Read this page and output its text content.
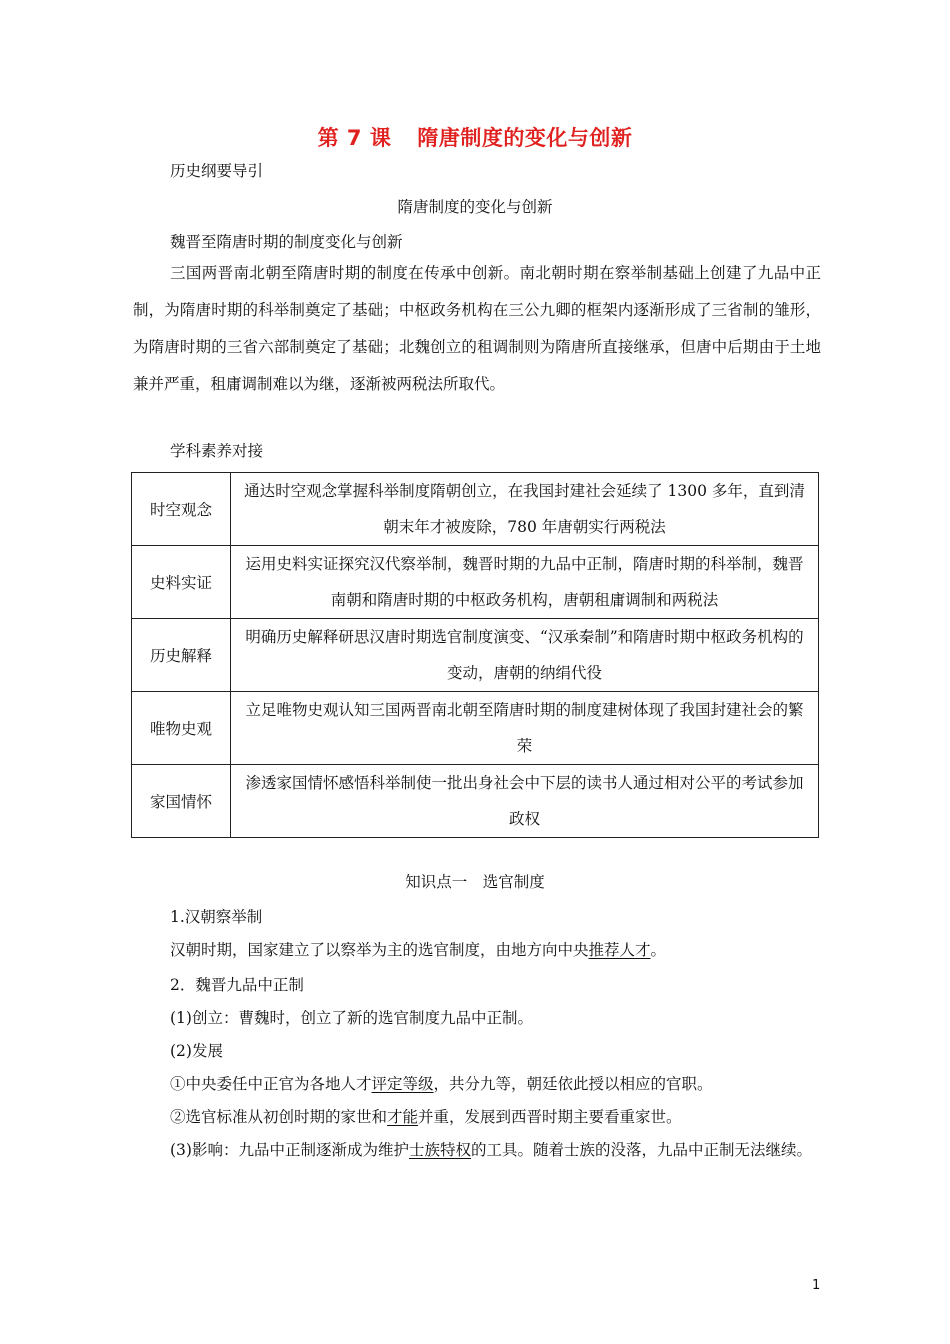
第 7 课 隋唐制度的变化与创新
历史纲要导引
隋唐制度的变化与创新
魏晋至隋唐时期的制度变化与创新
三国两晋南北朝至隋唐时期的制度在传承中创新。南北朝时期在察举制基础上创建了九品中正制，为隋唐时期的科举制奠定了基础；中枢政务机构在三公九卿的框架内逐渐形成了三省制的雏形，为隋唐时期的三省六部制奠定了基础；北魏创立的租调制则为隋唐所直接继承，但唐中后期由于土地兼并严重，租庸调制难以为继，逐渐被两税法所取代。
学科素养对接
时空观念	通达时空观念掌握科举制度隋朝创立，在我国封建社会延续了 1300 多年，直到清朝末年才被废除，780 年唐朝实行两税法
史料实证	运用史料实证探究汉代察举制，魏晋时期的九品中正制，隋唐时期的科举制，魏晋南朝和隋唐时期的中枢政务机构，唐朝租庸调制和两税法
历史解释	明确历史解释研思汉唐时期选官制度演变、“汉承秦制”和隋唐时期中枢政务机构的变动，唐朝的纳绢代役
唯物史观	立足唯物史观认知三国两晋南北朝至隋唐时期的制度建树体现了我国封建社会的繁荣
家国情怀	渗透家国情怀感悟科举制使一批出身社会中下层的读书人通过相对公平的考试参加政权
知识点一　选官制度
1.汉朝察举制
汉朝时期，国家建立了以察举为主的选官制度，由地方向中央推荐人才。
2．魏晋九品中正制
(1)创立：曹魏时，创立了新的选官制度九品中正制。
(2)发展
①中央委任中正官为各地人才评定等级，共分九等，朝廷依此授以相应的官职。
②选官标准从初创时期的家世和才能并重，发展到西晋时期主要看重家世。
(3)影响：九品中正制逐渐成为维护士族特权的工具。随着士族的没落，九品中正制无法继续。
1
